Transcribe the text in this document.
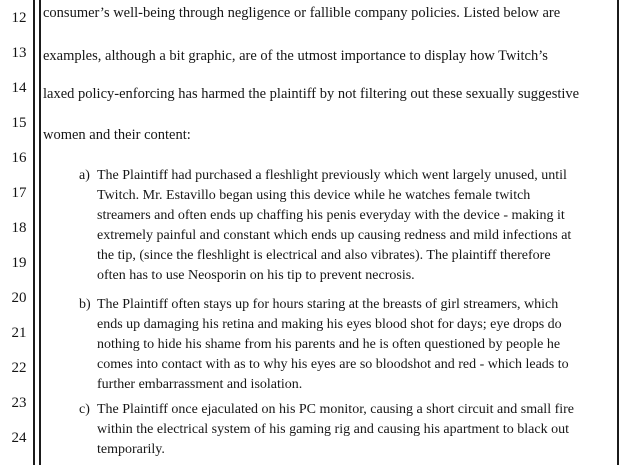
12
13
14
15
16
17
18
19
20
21
22
23
24
consumer’s well-being through negligence or fallible company policies. Listed below are
examples, although a bit graphic, are of the utmost importance to display how Twitch’s
laxed policy-enforcing has harmed the plaintiff by not filtering out these sexually suggestive
women and their content:
a) The Plaintiff had purchased a fleshlight previously which went largely unused, until
Twitch. Mr. Estavillo began using this device while he watches female twitch
streamers and often ends up chaffing his penis everyday with the device - making it
extremely painful and constant which ends up causing redness and mild infections at
the tip, (since the fleshlight is electrical and also vibrates). The plaintiff therefore
often has to use Neosporin on his tip to prevent necrosis.
b) The Plaintiff often stays up for hours staring at the breasts of girl streamers, which
ends up damaging his retina and making his eyes blood shot for days; eye drops do
nothing to hide his shame from his parents and he is often questioned by people he
comes into contact with as to why his eyes are so bloodshot and red - which leads to
further embarrassment and isolation.
c) The Plaintiff once ejaculated on his PC monitor, causing a short circuit and small fire
within the electrical system of his gaming rig and causing his apartment to black out
temporarily.
